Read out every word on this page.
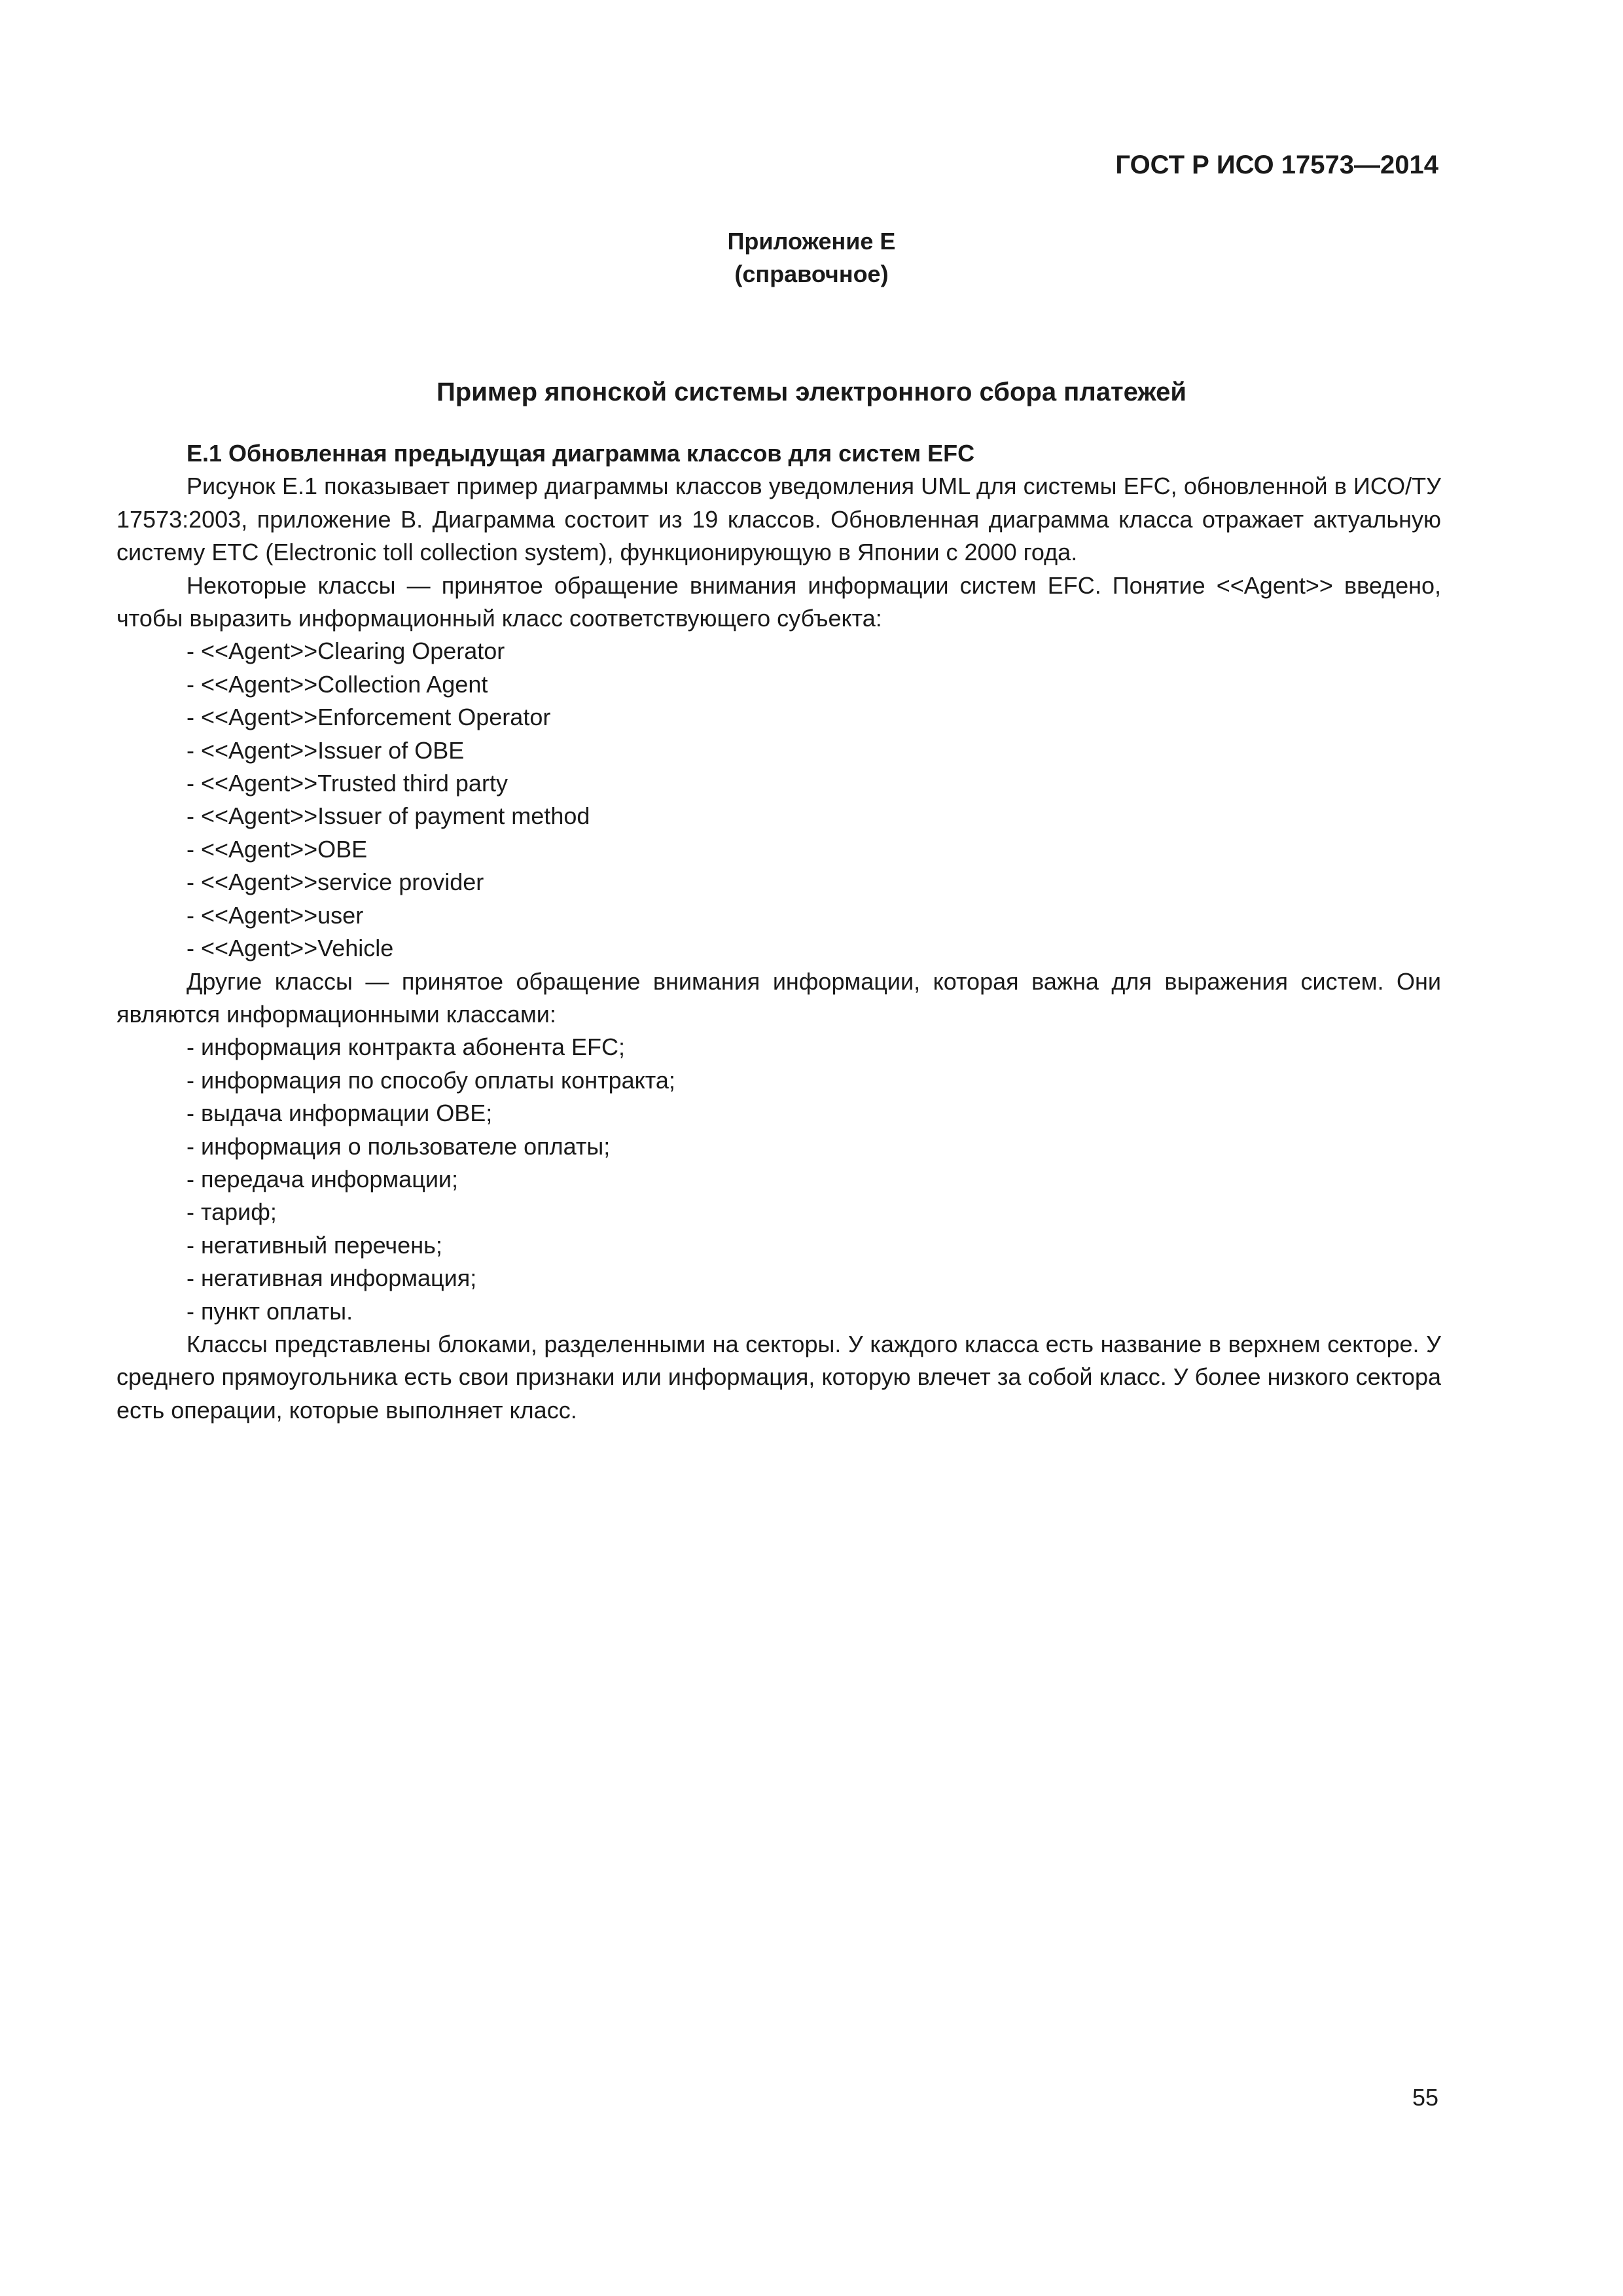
ГОСТ Р ИСО 17573—2014
Приложение Е
(справочное)
Пример японской системы электронного сбора платежей

Е.1 Обновленная предыдущая диаграмма классов для систем EFC

Рисунок Е.1 показывает пример диаграммы классов уведомления UML для системы EFC, обновленной в ИСО/ТУ 17573:2003, приложение В. Диаграмма состоит из 19 классов. Обновленная диаграмма класса отражает актуальную систему ЕТС (Electronic toll collection system), функционирующую в Японии с 2000 года.

Некоторые классы — принятое обращение внимания информации систем EFC. Понятие <<Agent>> введено, чтобы выразить информационный класс соответствующего субъекта:

- <<Agent>>Clearing Operator
- <<Agent>>Collection Agent
- <<Agent>>Enforcement Operator
- <<Agent>>Issuer of OBE
- <<Agent>>Trusted third party
- <<Agent>>Issuer of payment method
- <<Agent>>OBE
- <<Agent>>service provider
- <<Agent>>user
- <<Agent>>Vehicle

Другие классы — принятое обращение внимания информации, которая важна для выражения систем. Они являются информационными классами:

- информация контракта абонента EFC;
- информация по способу оплаты контракта;
- выдача информации OBE;
- информация о пользователе оплаты;
- передача информации;
- тариф;
- негативный перечень;
- негативная информация;
- пункт оплаты.

Классы представлены блоками, разделенными на секторы. У каждого класса есть название в верхнем секторе. У среднего прямоугольника есть свои признаки или информация, которую влечет за собой класс. У более низкого сектора есть операции, которые выполняет класс.

55
